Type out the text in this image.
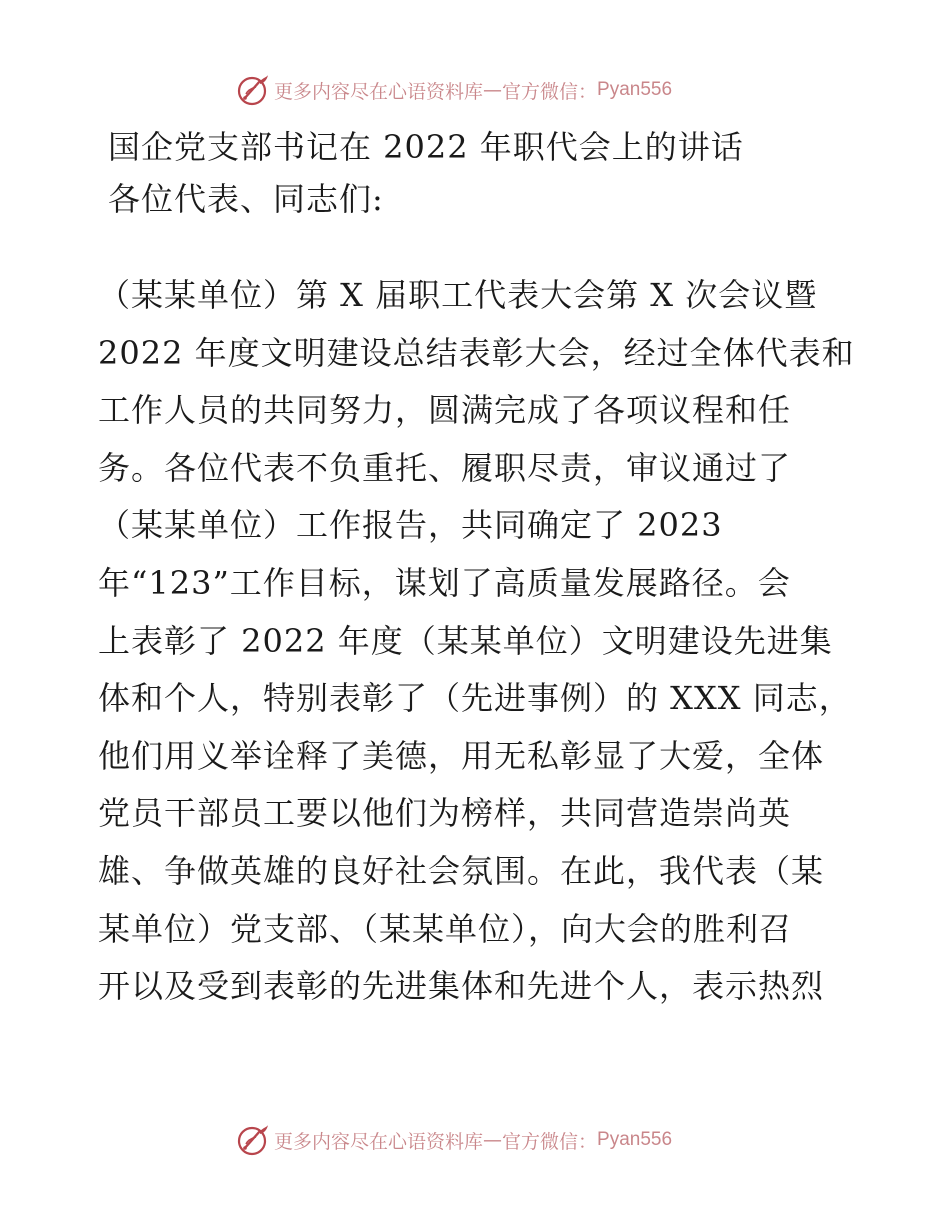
更多内容尽在心语资料库 — 官方微信： Pyan556
国企党支部书记在 2022 年职代会上的讲话
各位代表、同志们:
（某某单位）第 X 届职工代表大会第 X 次会议暨
2022 年度文明建设总结表彰大会，经过全体代表和
工作人员的共同努力，圆满完成了各项议程和任
务。各位代表不负重托、履职尽责，审议通过了
（某某单位）工作报告，共同确定了 2023
年“123”工作目标，谋划了高质量发展路径。会
上表彰了 2022 年度（某某单位）文明建设先进集
体和个人，特别表彰了（先进事例）的 XXX 同志，
他们用义举诠释了美德，用无私彰显了大爱，全体
党员干部员工要以他们为榜样，共同营造崇尚英
雄、争做英雄的良好社会氛围。在此，我代表（某
某单位）党支部、（某某单位），向大会的胜利召
开以及受到表彰的先进集体和先进个人，表示热烈
更多内容尽在心语资料库 — 官方微信： Pyan556
